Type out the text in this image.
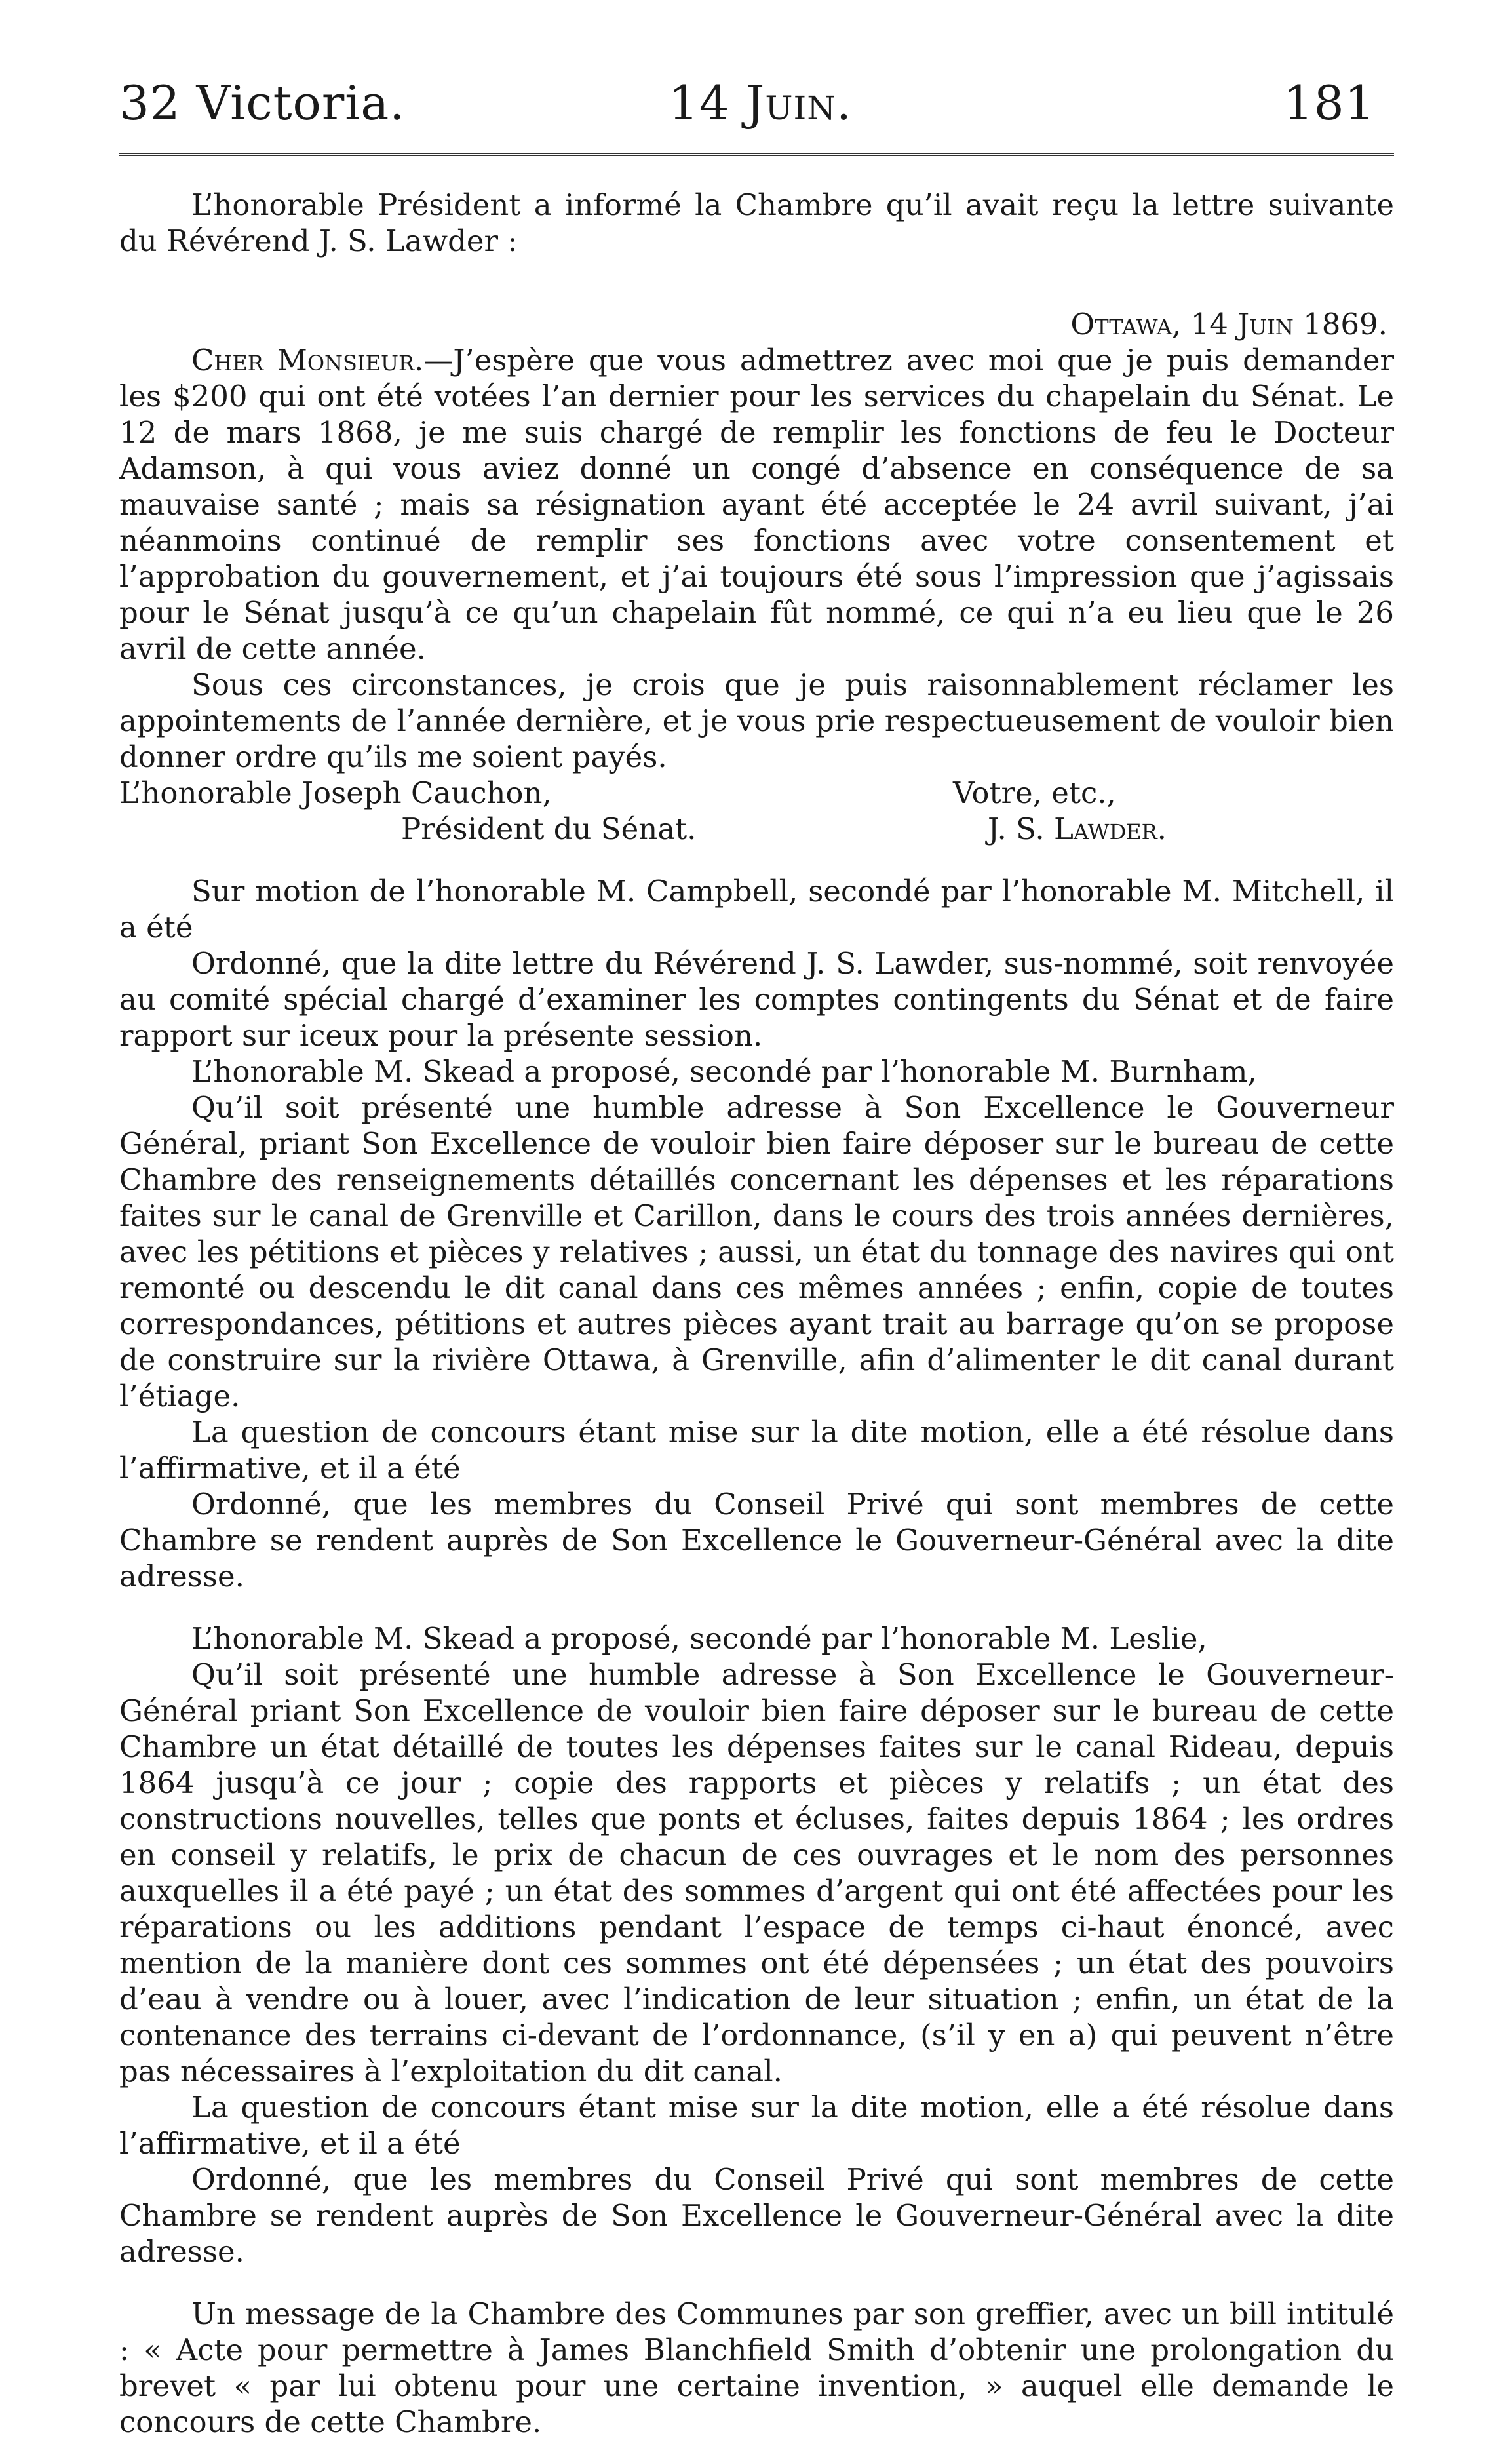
32 Victoria.	14 Juin.	181

L’honorable Président a informé la Chambre qu’il avait reçu la lettre suivante du Révérend J. S. Lawder :

Ottawa, 14 Juin 1869.

Cher Monsieur.—J’espère que vous admettrez avec moi que je puis demander les $200 qui ont été votées l’an dernier pour les services du chapelain du Sénat. Le 12 de mars 1868, je me suis chargé de remplir les fonctions de feu le Docteur Adamson, à qui vous aviez donné un congé d’absence en conséquence de sa mauvaise santé ; mais sa résignation ayant été acceptée le 24 avril suivant, j’ai néanmoins continué de remplir ses fonctions avec votre consentement et l’approbation du gouvernement, et j’ai toujours été sous l’impression que j’agissais pour le Sénat jusqu’à ce qu’un chapelain fût nommé, ce qui n’a eu lieu que le 26 avril de cette année.

Sous ces circonstances, je crois que je puis raisonnablement réclamer les appointements de l’année dernière, et je vous prie respectueusement de vouloir bien donner ordre qu’ils me soient payés.

L’honorable Joseph Cauchon,	Votre, etc.,
Président du Sénat.	J. S. Lawder.

Sur motion de l’honorable M. Campbell, secondé par l’honorable M. Mitchell, il a été

Ordonné, que la dite lettre du Révérend J. S. Lawder, sus-nommé, soit renvoyée au comité spécial chargé d’examiner les comptes contingents du Sénat et de faire rapport sur iceux pour la présente session.

L’honorable M. Skead a proposé, secondé par l’honorable M. Burnham,

Qu’il soit présenté une humble adresse à Son Excellence le Gouverneur Général, priant Son Excellence de vouloir bien faire déposer sur le bureau de cette Chambre des renseignements détaillés concernant les dépenses et les réparations faites sur le canal de Grenville et Carillon, dans le cours des trois années dernières, avec les pétitions et pièces y relatives ; aussi, un état du tonnage des navires qui ont remonté ou descendu le dit canal dans ces mêmes années ; enfin, copie de toutes correspondances, pétitions et autres pièces ayant trait au barrage qu’on se propose de construire sur la rivière Ottawa, à Grenville, afin d’alimenter le dit canal durant l’étiage.

La question de concours étant mise sur la dite motion, elle a été résolue dans l’affirmative, et il a été

Ordonné, que les membres du Conseil Privé qui sont membres de cette Chambre se rendent auprès de Son Excellence le Gouverneur-Général avec la dite adresse.

L’honorable M. Skead a proposé, secondé par l’honorable M. Leslie,

Qu’il soit présenté une humble adresse à Son Excellence le Gouverneur-Général priant Son Excellence de vouloir bien faire déposer sur le bureau de cette Chambre un état détaillé de toutes les dépenses faites sur le canal Rideau, depuis 1864 jusqu’à ce jour ; copie des rapports et pièces y relatifs ; un état des constructions nouvelles, telles que ponts et écluses, faites depuis 1864 ; les ordres en conseil y relatifs, le prix de chacun de ces ouvrages et le nom des personnes auxquelles il a été payé ; un état des sommes d’argent qui ont été affectées pour les réparations ou les additions pendant l’espace de temps ci-haut énoncé, avec mention de la manière dont ces sommes ont été dépensées ; un état des pouvoirs d’eau à vendre ou à louer, avec l’indication de leur situation ; enfin, un état de la contenance des terrains ci-devant de l’ordonnance, (s’il y en a) qui peuvent n’être pas nécessaires à l’exploitation du dit canal.

La question de concours étant mise sur la dite motion, elle a été résolue dans l’affirmative, et il a été

Ordonné, que les membres du Conseil Privé qui sont membres de cette Chambre se rendent auprès de Son Excellence le Gouverneur-Général avec la dite adresse.

Un message de la Chambre des Communes par son greffier, avec un bill intitulé : « Acte pour permettre à James Blanchfield Smith d’obtenir une prolongation du brevet « par lui obtenu pour une certaine invention, » auquel elle demande le concours de cette Chambre.
